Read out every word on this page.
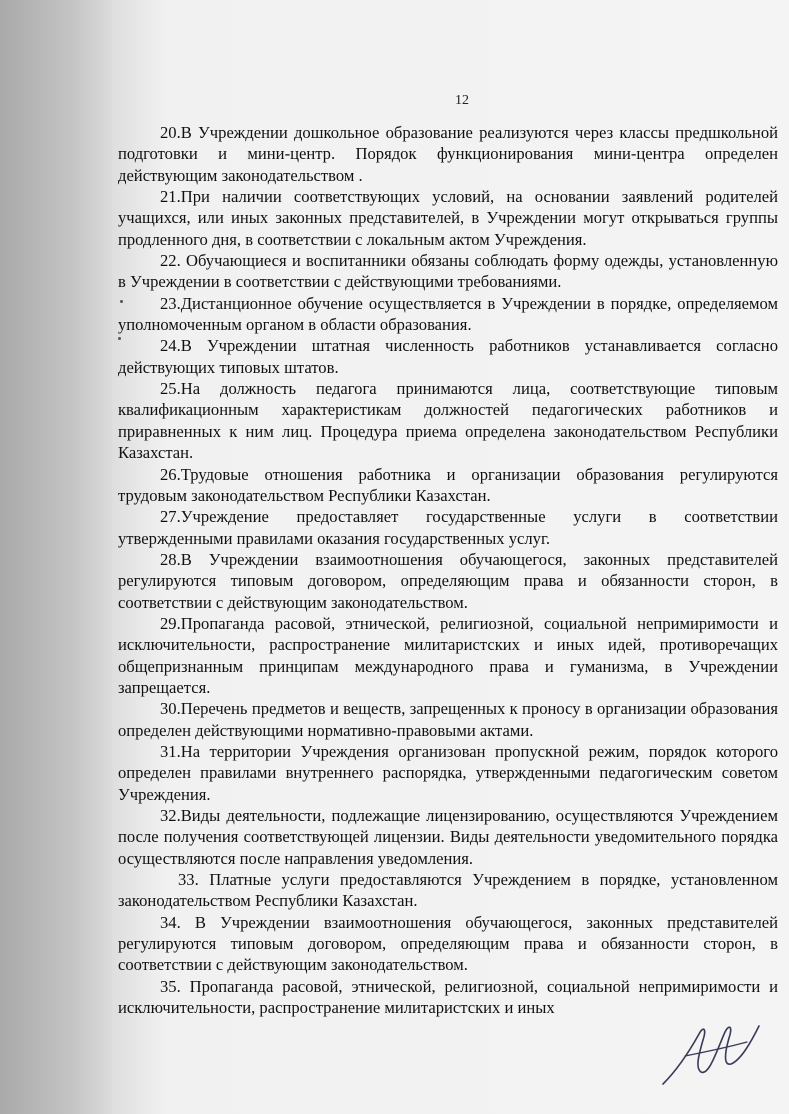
12

20.В Учреждении дошкольное образование реализуются через классы предшкольной подготовки и мини-центр. Порядок функционирования мини-центра определен действующим законодательством .

21.При наличии соответствующих условий, на основании заявлений родителей учащихся, или иных законных представителей, в Учреждении могут открываться группы продленного дня, в соответствии с локальным актом Учреждения.

22. Обучающиеся и воспитанники обязаны соблюдать форму одежды, установленную в Учреждении в соответствии с действующими требованиями.

23.Дистанционное обучение осуществляется в Учреждении в порядке, определяемом уполномоченным органом в области образования.

24.В Учреждении штатная численность работников устанавливается согласно действующих типовых штатов.

25.На должность педагога принимаются лица, соответствующие типовым квалификационным характеристикам должностей педагогических работников и приравненных к ним лиц. Процедура приема определена законодательством Республики Казахстан.

26.Трудовые отношения работника и организации образования регулируются трудовым законодательством Республики Казахстан.

27.Учреждение предоставляет государственные услуги в соответствии утвержденными правилами оказания государственных услуг.

28.В Учреждении взаимоотношения обучающегося, законных представителей регулируются типовым договором, определяющим права и обязанности сторон, в соответствии с действующим законодательством.

29.Пропаганда расовой, этнической, религиозной, социальной непримиримости и исключительности, распространение милитаристских и иных идей, противоречащих общепризнанным принципам международного права и гуманизма, в Учреждении запрещается.

30.Перечень предметов и веществ, запрещенных к проносу в организации образования определен действующими нормативно-правовыми актами.

31.На территории Учреждения организован пропускной режим, порядок которого определен правилами внутреннего распорядка, утвержденными педагогическим советом Учреждения.

32.Виды деятельности, подлежащие лицензированию, осуществляются Учреждением после получения соответствующей лицензии. Виды деятельности уведомительного порядка осуществляются после направления уведомления.

33. Платные услуги предоставляются Учреждением в порядке, установленном законодательством Республики Казахстан.

34. В Учреждении взаимоотношения обучающегося, законных представителей регулируются типовым договором, определяющим права и обязанности сторон, в соответствии с действующим законодательством.

35. Пропаганда расовой, этнической, религиозной, социальной непримиримости и исключительности, распространение милитаристских и иных
